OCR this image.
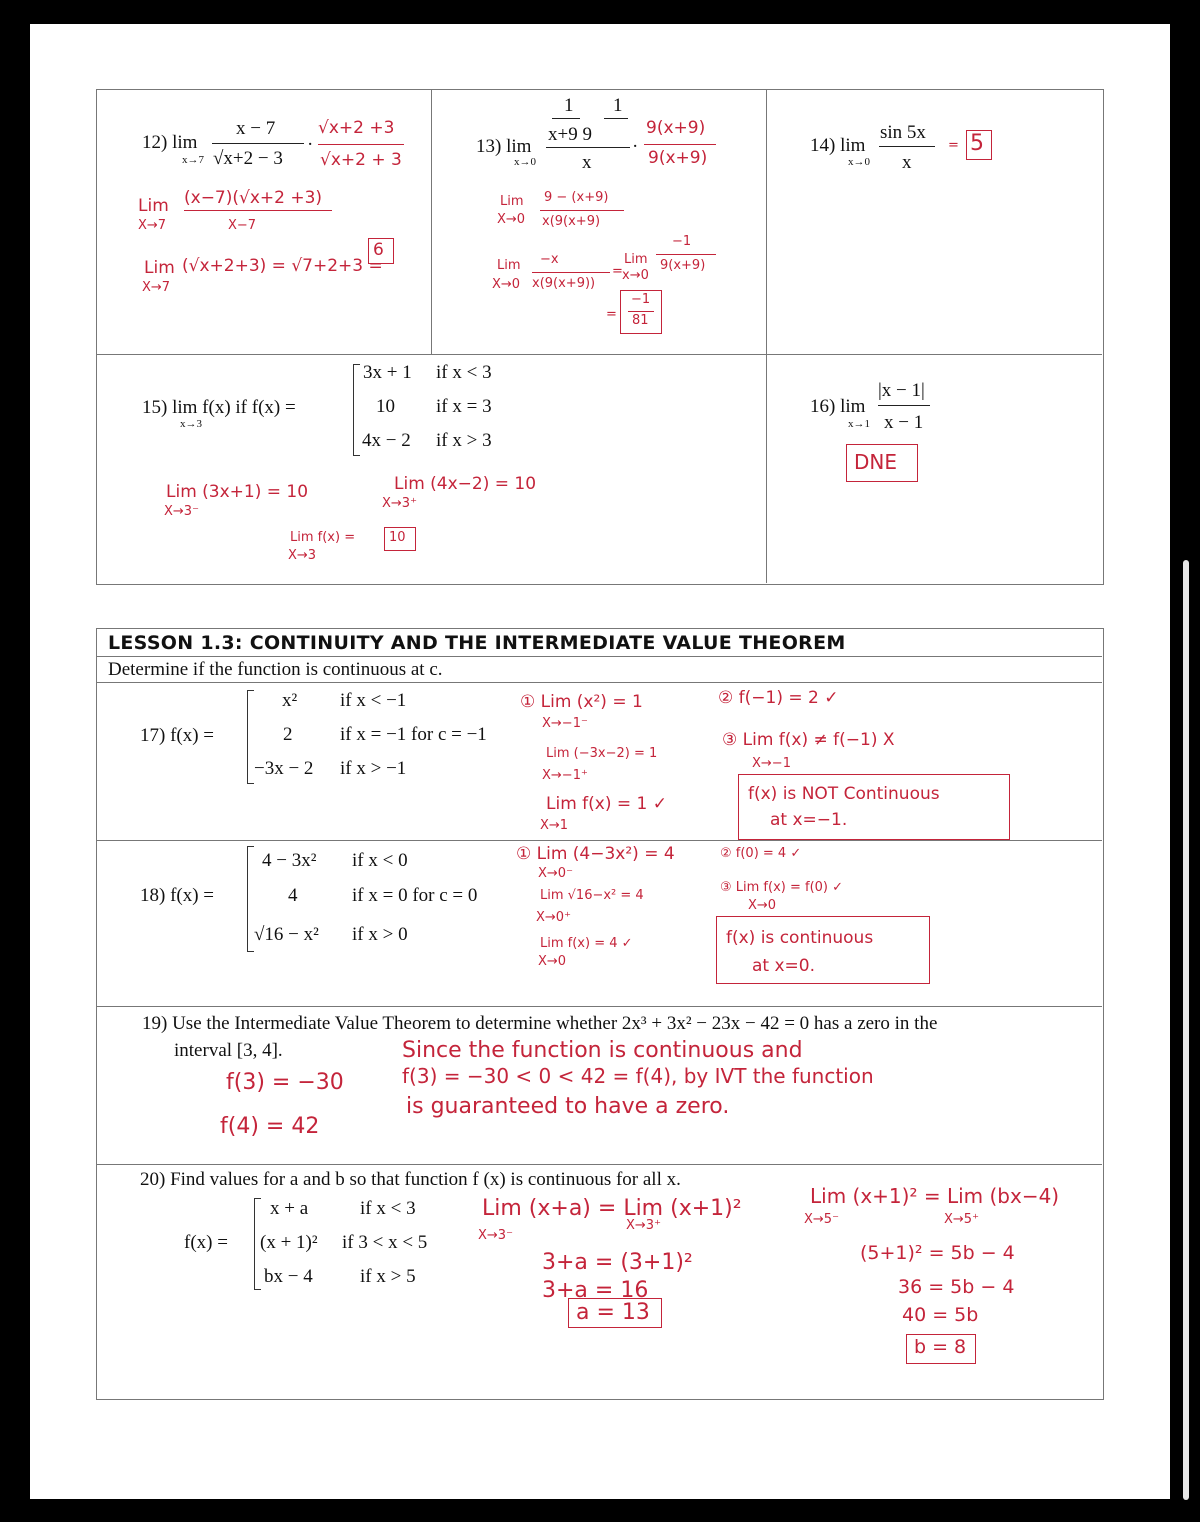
12) lim
x→7
x − 7
√x+2 − 3
·
√x+2 +3
√x+2 + 3
Lim (x−7)(√x+2 +3)
X→7	X−7
Lim (√x+2+3) = √7+2+3 =
X→7
6
13) lim
x→0
1 1
x+9 9
x
·
9(x+9)
9(x+9)
Lim
X→0
9 − (x+9)
x(9(x+9)
Lim
X→0
−x
x(9(x+9))
=
Lim
x→0
−1
9(x+9)
=
−1
81
14) lim
x→0
sin 5x
x
= 5
15) lim f(x) if f(x) =
x→3
3x + 1 if x < 3
10 if x = 3
4x − 2 if x > 3
Lim (3x+1) = 10
X→3⁻
Lim (4x−2) = 10
X→3⁺
Lim f(x) =
X→3
10
16) lim
x→1
|x − 1|
x − 1
DNE
LESSON 1.3: CONTINUITY AND THE INTERMEDIATE VALUE THEOREM
Determine if the function is continuous at c.
17) f(x) =
x² if x < −1
2	if x = −1 for c = −1
−3x − 2 if x > −1
① Lim (x²) = 1
X→−1⁻
Lim (−3x−2) = 1
X→−1⁺
Lim f(x) = 1 ✓
X→1
② f(−1) = 2 ✓
③ Lim f(x) ≠ f(−1) X
X→−1
f(x) is NOT Continuous
at x=−1.
18) f(x) =
4 − 3x² if x < 0
4	if x = 0 for c = 0
√16 − x² if x > 0
① Lim (4−3x²) = 4
X→0⁻
Lim √16−x² = 4
X→0⁺
Lim f(x) = 4 ✓
X→0
② f(0) = 4 ✓
③ Lim f(x) = f(0) ✓
X→0
f(x) is continuous
at x=0.
19) Use the Intermediate Value Theorem to determine whether 2x³ + 3x² − 23x − 42 = 0 has a zero in the
interval [3, 4].
f(3) = −30
f(4) = 42
Since the function is continuous and
f(3) = −30 < 0 < 42 = f(4), by IVT the function
is guaranteed to have a zero.
20) Find values for a and b so that function f (x) is continuous for all x.
f(x) =
x + a	if x < 3
(x + 1)² if 3 < x < 5
bx − 4 if x > 5
Lim (x+a) = Lim (x+1)²
X→3⁻
X→3⁺
3+a = (3+1)²
3+a = 16
a = 13
Lim (x+1)² = Lim (bx−4)
X→5⁻	X→5⁺
(5+1)² = 5b − 4
36 = 5b − 4
40 = 5b
b = 8
